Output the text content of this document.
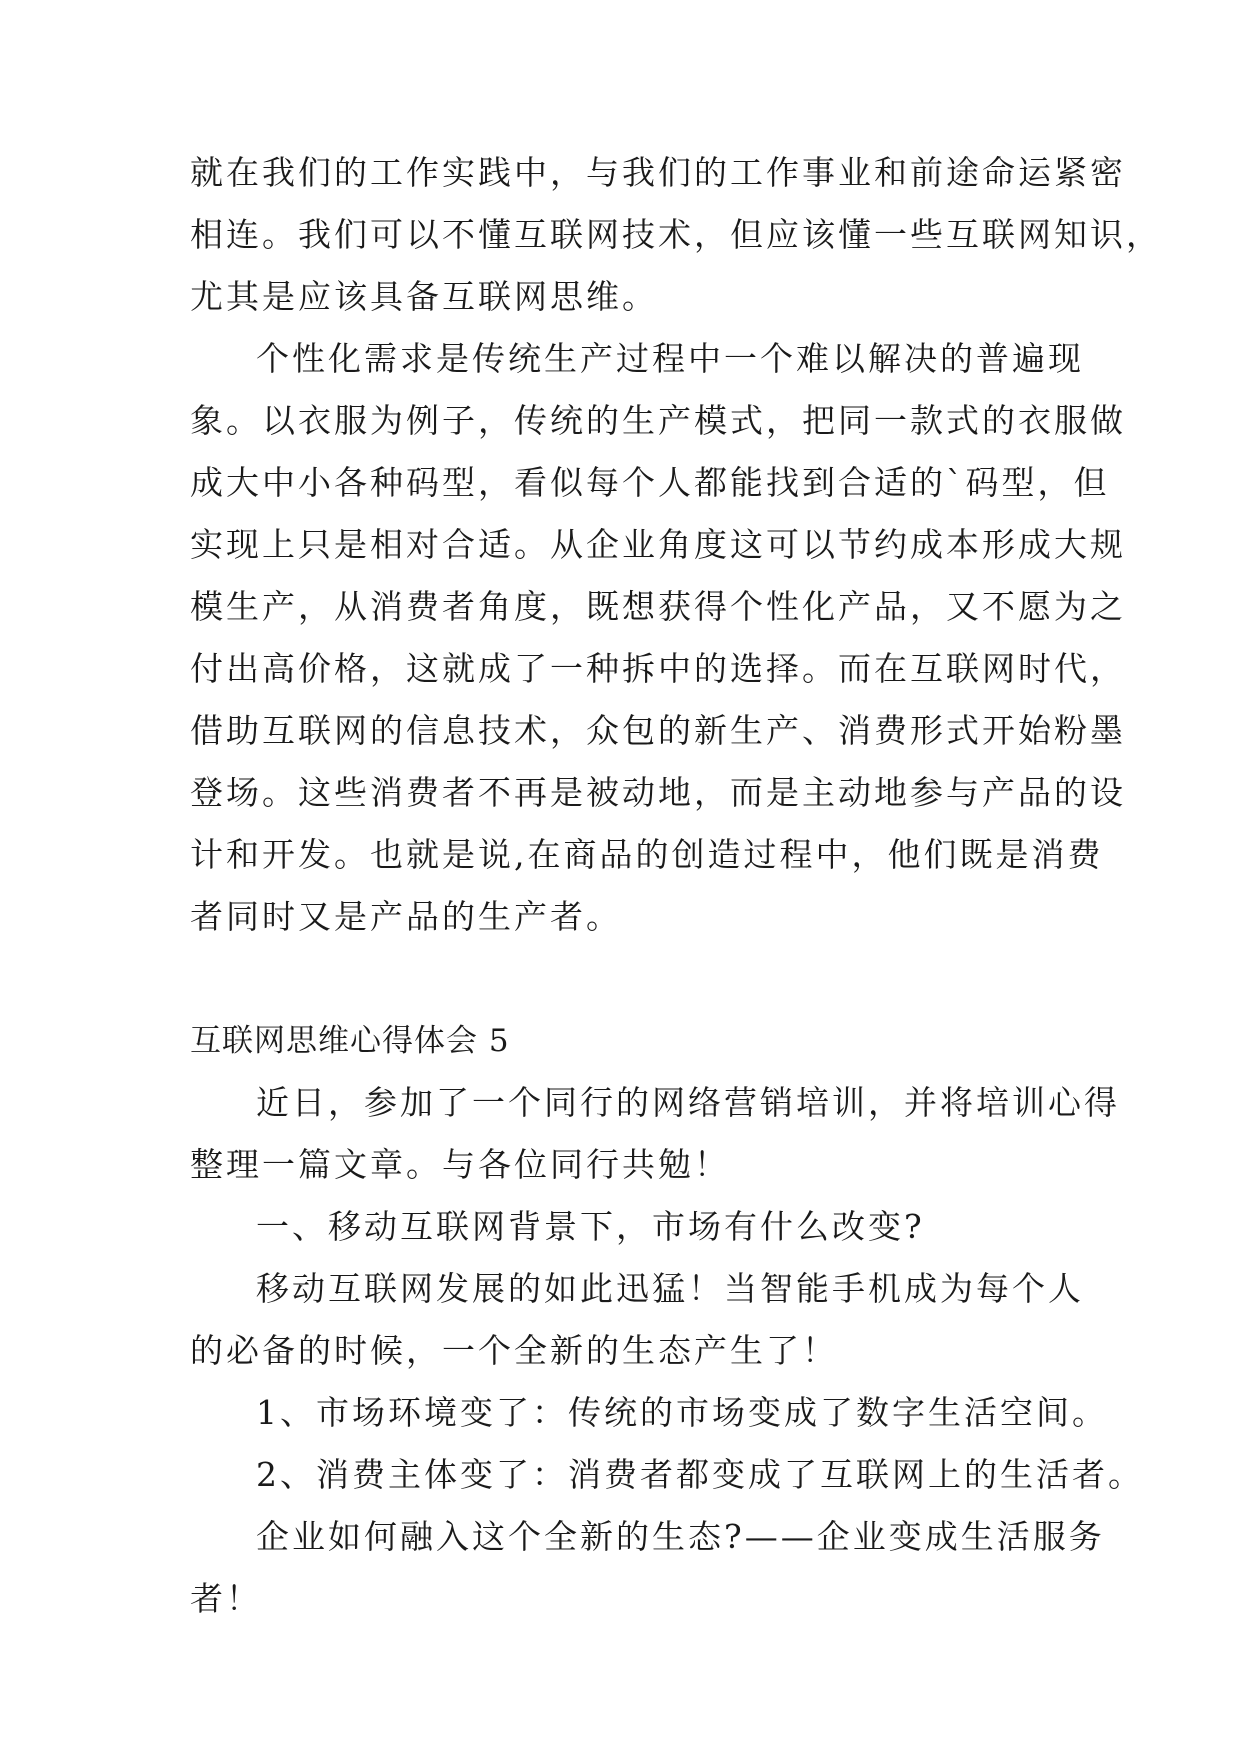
就在我们的工作实践中，与我们的工作事业和前途命运紧密
相连。我们可以不懂互联网技术，但应该懂一些互联网知识，
尤其是应该具备互联网思维。
个性化需求是传统生产过程中一个难以解决的普遍现
象。以衣服为例子，传统的生产模式，把同一款式的衣服做
成大中小各种码型，看似每个人都能找到合适的`码型，但
实现上只是相对合适。从企业角度这可以节约成本形成大规
模生产，从消费者角度，既想获得个性化产品，又不愿为之
付出高价格，这就成了一种拆中的选择。而在互联网时代，
借助互联网的信息技术，众包的新生产、消费形式开始粉墨
登场。这些消费者不再是被动地，而是主动地参与产品的设
计和开发。也就是说,在商品的创造过程中，他们既是消费
者同时又是产品的生产者。
互联网思维心得体会 5
近日，参加了一个同行的网络营销培训，并将培训心得
整理一篇文章。与各位同行共勉！
一、移动互联网背景下，市场有什么改变?
移动互联网发展的如此迅猛！当智能手机成为每个人
的必备的时候，一个全新的生态产生了！
1、市场环境变了：传统的市场变成了数字生活空间。
2、消费主体变了：消费者都变成了互联网上的生活者。
企业如何融入这个全新的生态?——企业变成生活服务
者！
